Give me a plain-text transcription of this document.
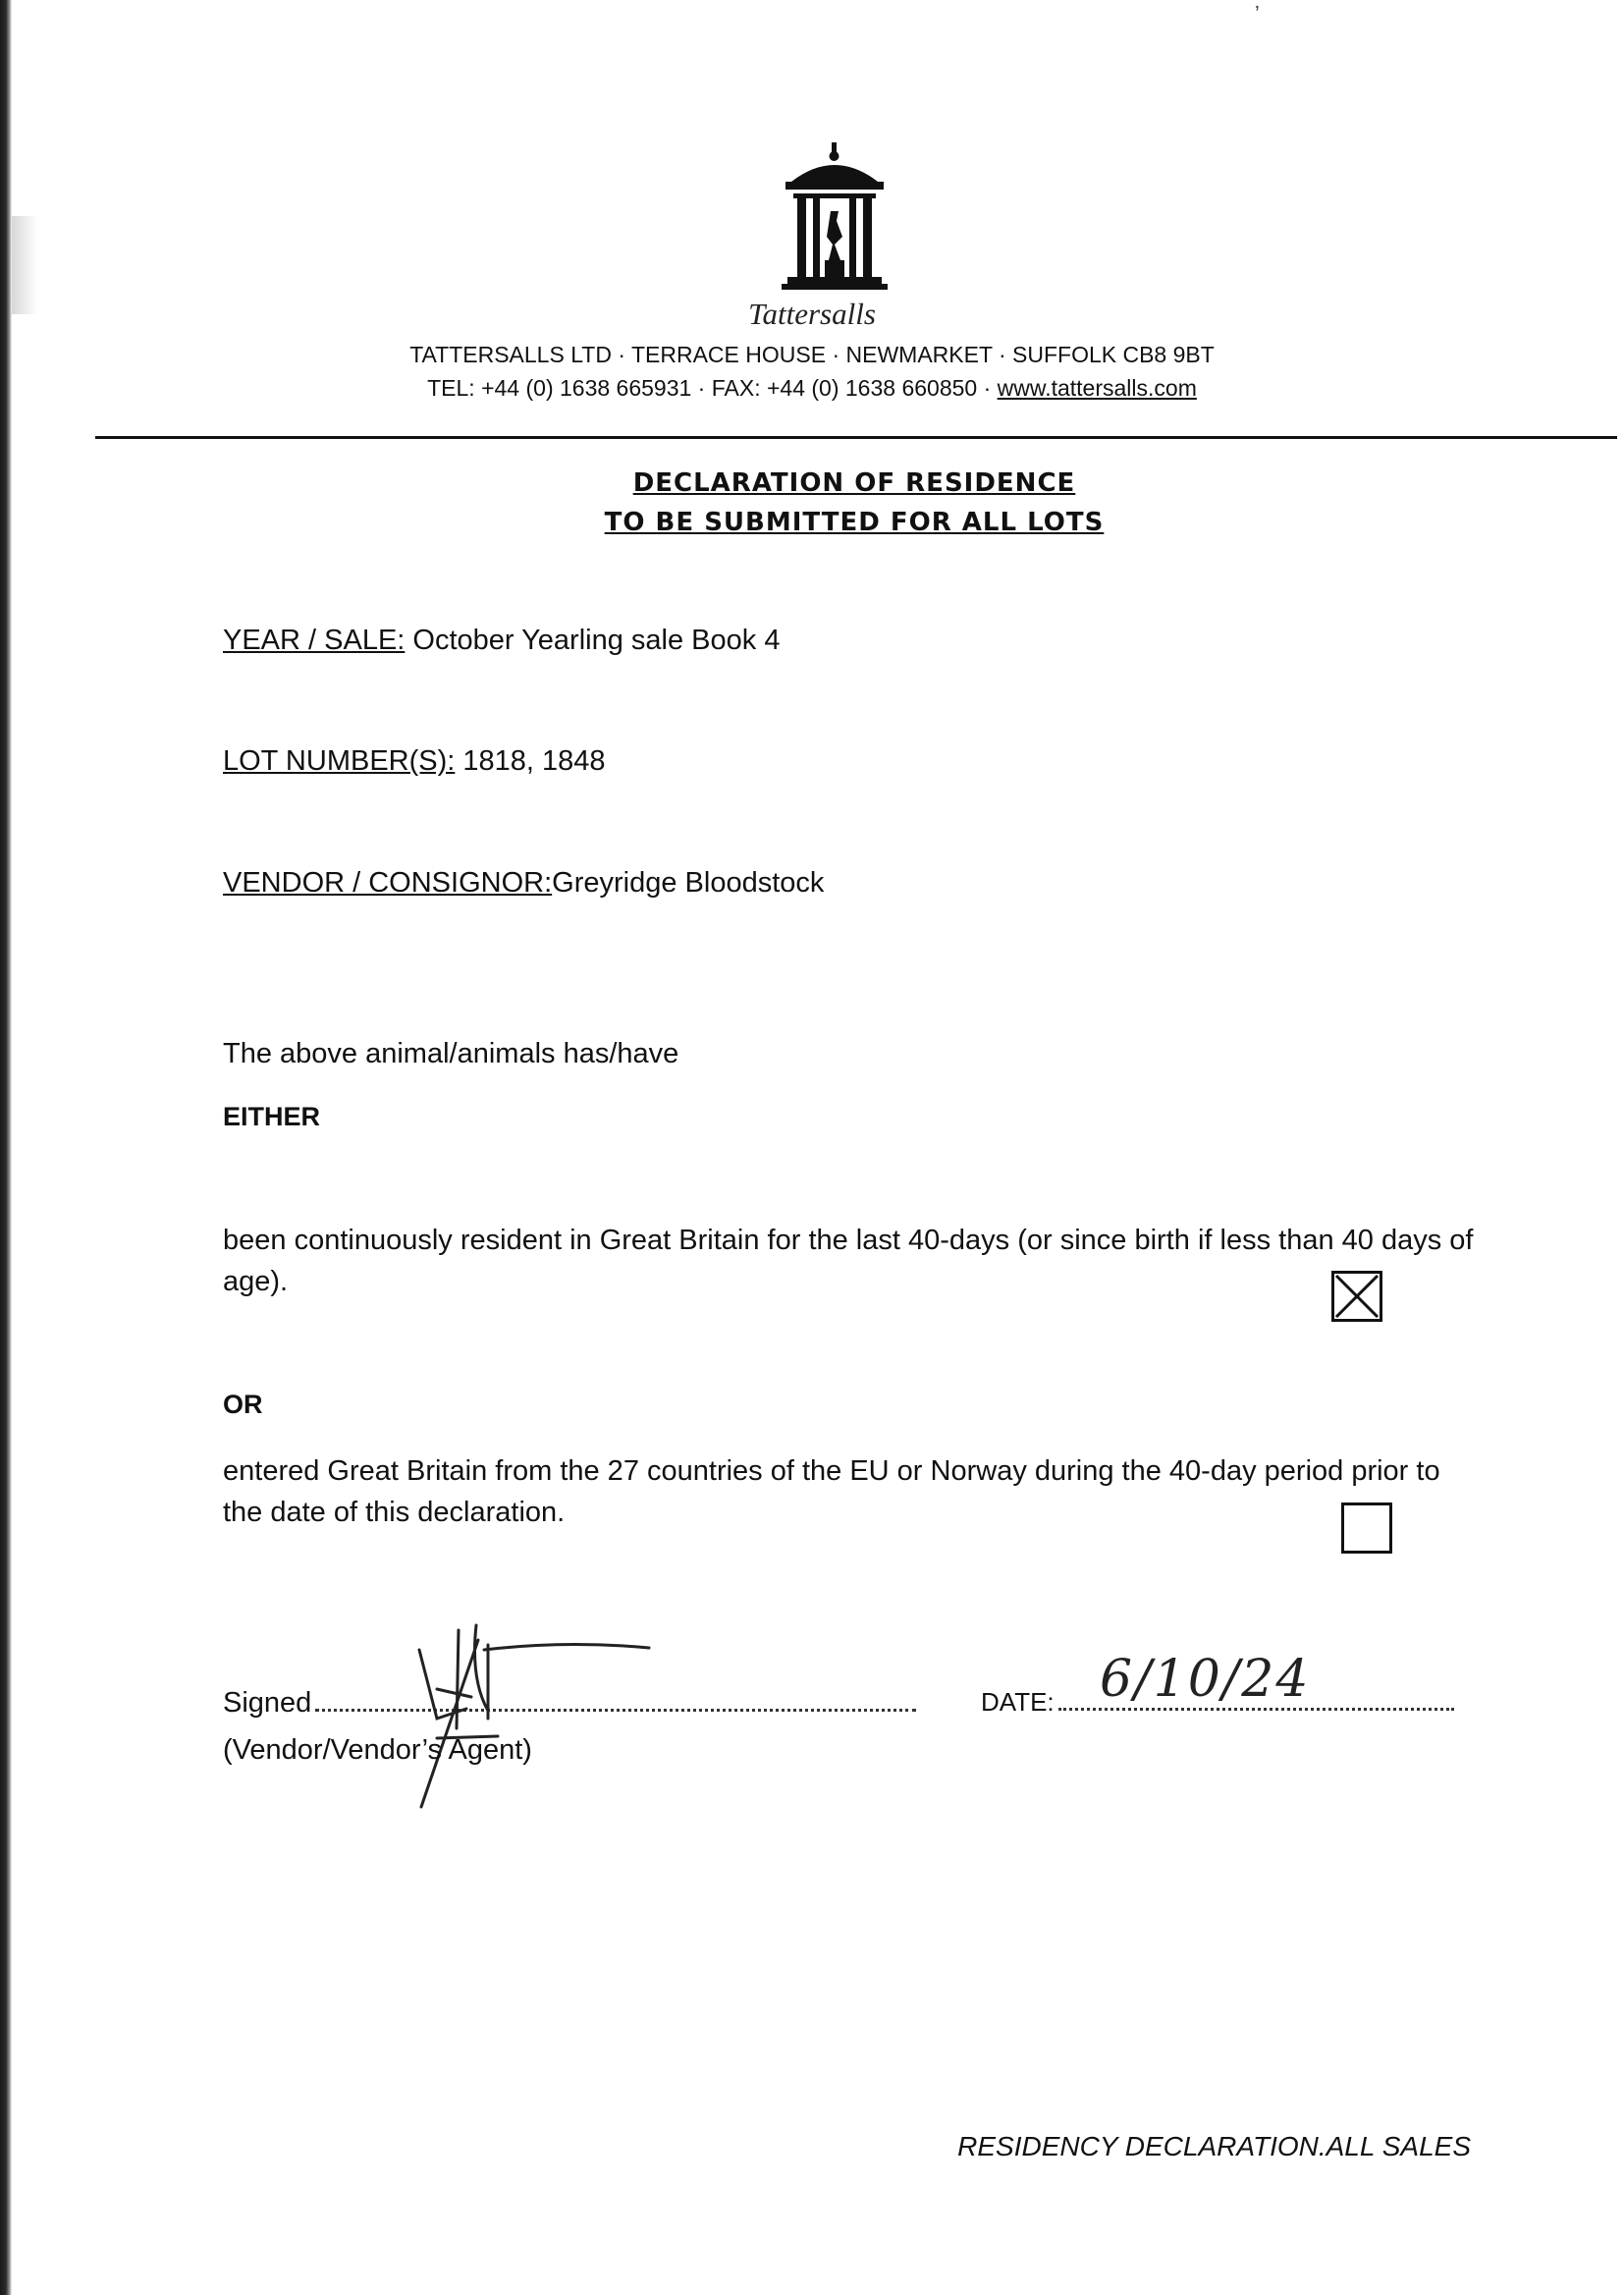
ʼ
Tattersalls
TATTERSALLS LTD · TERRACE HOUSE · NEWMARKET · SUFFOLK CB8 9BT
TEL: +44 (0) 1638 665931 · FAX: +44 (0) 1638 660850 · www.tattersalls.com
DECLARATION OF RESIDENCE
TO BE SUBMITTED FOR ALL LOTS
YEAR / SALE: October Yearling sale Book 4
LOT NUMBER(S): 1818, 1848
VENDOR / CONSIGNOR:Greyridge Bloodstock
The above animal/animals has/have
EITHER
been continuously resident in Great Britain for the last 40-days (or since birth if less than 40 days of age).
OR
entered Great Britain from the 27 countries of the EU or Norway during the 40-day period prior to the date of this declaration.
Signed	DATE: 6/10/24
(Vendor/Vendor’s Agent)
RESIDENCY DECLARATION.ALL SALES
